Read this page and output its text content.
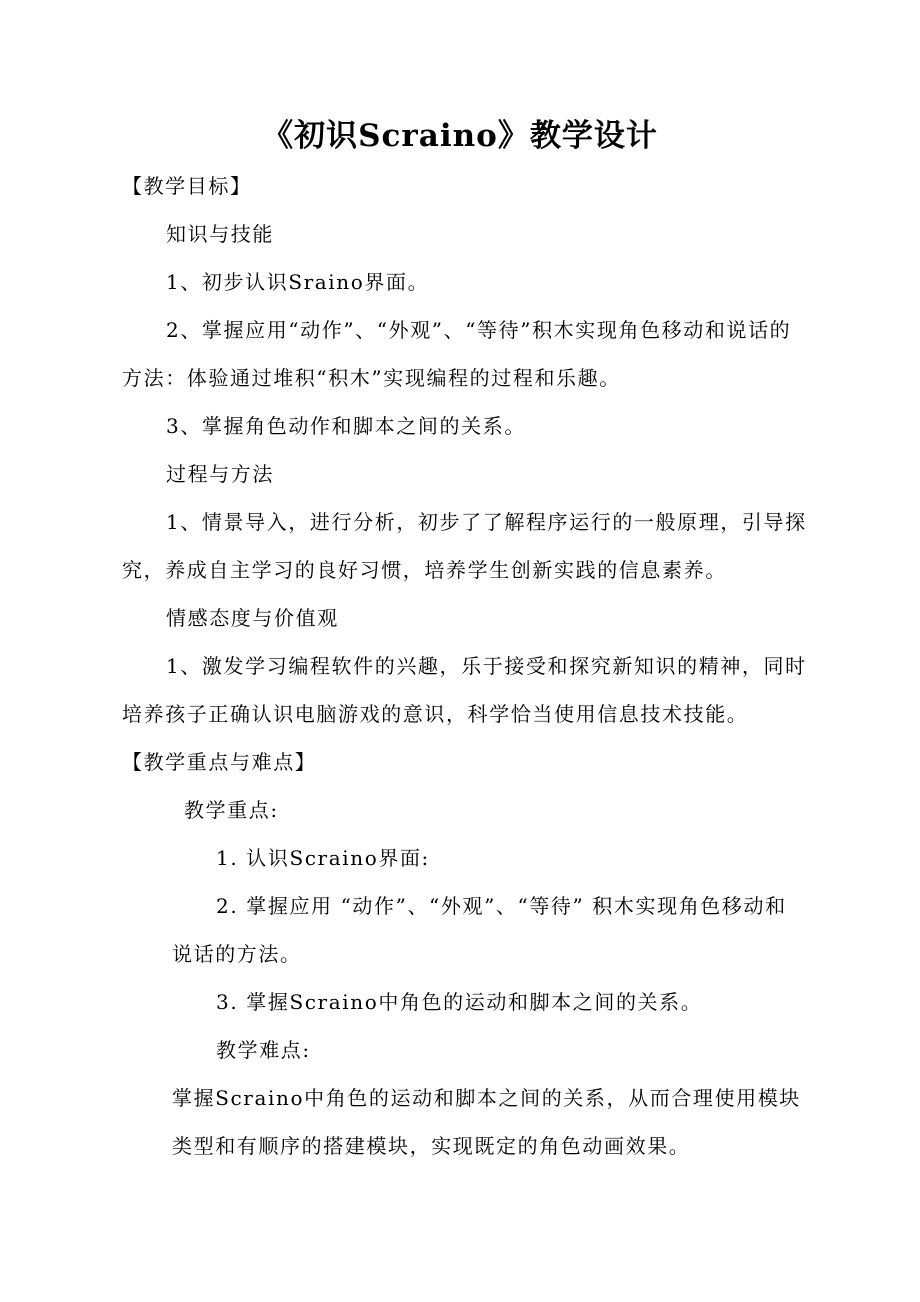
《初识Scraino》教学设计
【教学目标】
知识与技能
1、初步认识Sraino界面。
2、掌握应用“动作”、“外观”、“等待”积木实现角色移动和说话的
方法：体验通过堆积“积木”实现编程的过程和乐趣。
3、掌握角色动作和脚本之间的关系。
过程与方法
1、情景导入，进行分析，初步了了解程序运行的一般原理，引导探
究，养成自主学习的良好习惯，培养学生创新实践的信息素养。
情感态度与价值观
1、激发学习编程软件的兴趣，乐于接受和探究新知识的精神，同时
培养孩子正确认识电脑游戏的意识，科学恰当使用信息技术技能。
【教学重点与难点】
教学重点:
1. 认识Scraino界面:
2. 掌握应用 “动作”、“外观”、“等待” 积木实现角色移动和
说话的方法。
3. 掌握Scraino中角色的运动和脚本之间的关系。
教学难点:
掌握Scraino中角色的运动和脚本之间的关系，从而合理使用模块
类型和有顺序的搭建模块，实现既定的角色动画效果。
